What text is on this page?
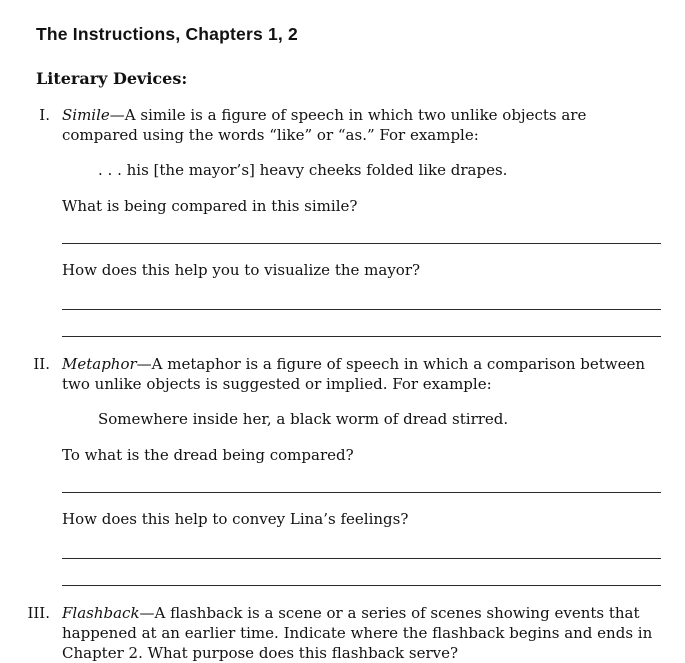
The Instructions, Chapters 1, 2
Literary Devices:
I. Simile—A simile is a figure of speech in which two unlike objects are compared using the words “like” or “as.” For example:

. . . his [the mayor’s] heavy cheeks folded like drapes.

What is being compared in this simile?

How does this help you to visualize the mayor?

II. Metaphor—A metaphor is a figure of speech in which a comparison between two unlike objects is suggested or implied. For example:

Somewhere inside her, a black worm of dread stirred.

To what is the dread being compared?

How does this help to convey Lina’s feelings?

III. Flashback—A flashback is a scene or a series of scenes showing events that happened at an earlier time. Indicate where the flashback begins and ends in Chapter 2. What purpose does this flashback serve?
